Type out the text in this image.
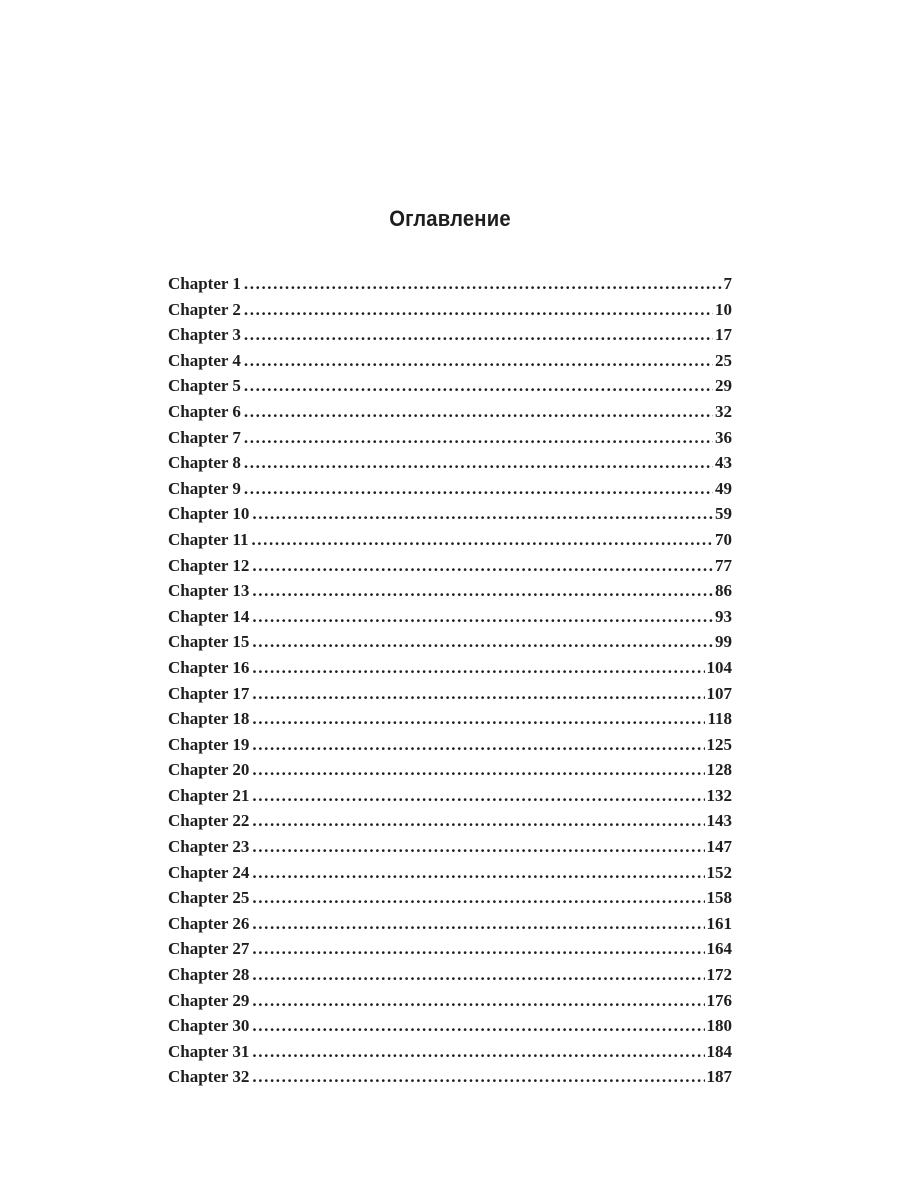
Оглавление
Chapter 1 .....	7
Chapter 2 .....	10
Chapter 3 .....	17
Chapter 4 .....	25
Chapter 5 .....	29
Chapter 6 .....	32
Chapter 7 .....	36
Chapter 8 .....	43
Chapter 9 .....	49
Chapter 10 .....	59
Chapter 11 .....	70
Chapter 12 .....	77
Chapter 13 .....	86
Chapter 14 .....	93
Chapter 15 .....	99
Chapter 16 .....	104
Chapter 17 .....	107
Chapter 18 .....	118
Chapter 19 .....	125
Chapter 20 .....	128
Chapter 21 .....	132
Chapter 22 .....	143
Chapter 23 .....	147
Chapter 24 .....	152
Chapter 25 .....	158
Chapter 26 .....	161
Chapter 27 .....	164
Chapter 28 .....	172
Chapter 29 .....	176
Chapter 30 .....	180
Chapter 31 .....	184
Chapter 32 .....	187
